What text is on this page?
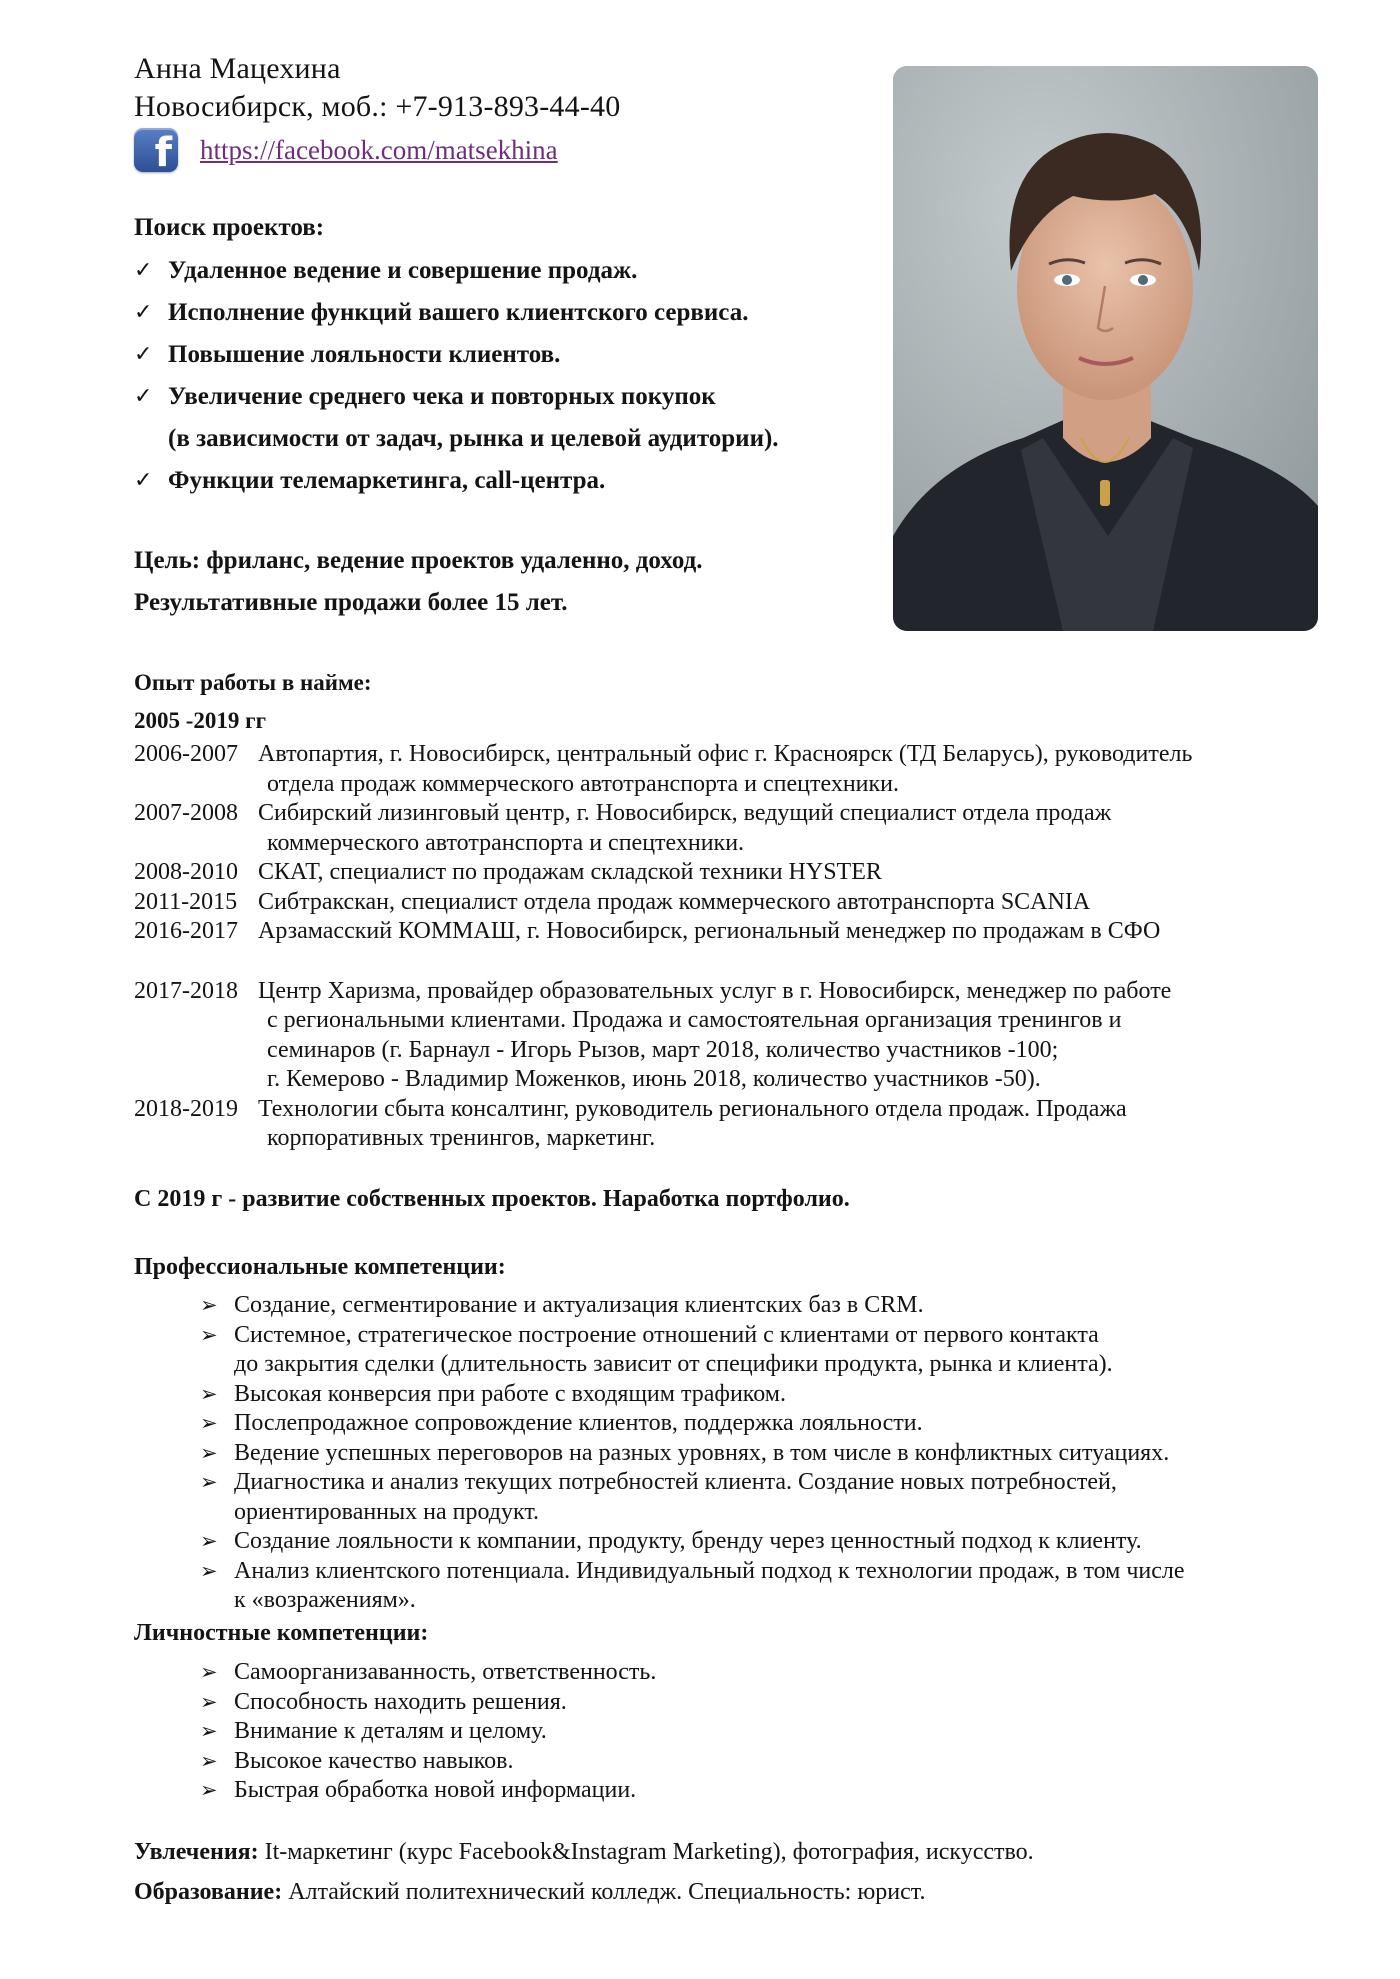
Анна Мацехина
Новосибирск, моб.: +7-913-893-44-40
f https://facebook.com/matsekhina
Поиск проектов:
✓ Удаленное ведение и совершение продаж.
✓ Исполнение функций вашего клиентского сервиса.
✓ Повышение лояльности клиентов.
✓ Увеличение среднего чека и повторных покупок
(в зависимости от задач, рынка и целевой аудитории).
✓ Функции телемаркетинга, call-центра.
Цель: фриланс, ведение проектов удаленно, доход.
Результативные продажи более 15 лет.
Опыт работы в найме:
2005 -2019 гг
2006-2007 Автопартия, г. Новосибирск, центральный офис г. Красноярск (ТД Беларусь), руководитель
отдела продаж коммерческого автотранспорта и спецтехники.
2007-2008 Сибирский лизинговый центр, г. Новосибирск, ведущий специалист отдела продаж
коммерческого автотранспорта и спецтехники.
2008-2010 СКАТ, специалист по продажам складской техники HYSTER
2011-2015 Сибтракскан, специалист отдела продаж коммерческого автотранспорта SCANIA
2016-2017 Арзамасский КОММАШ, г. Новосибирск, региональный менеджер по продажам в СФО
2017-2018 Центр Харизма, провайдер образовательных услуг в г. Новосибирск, менеджер по работе
с региональными клиентами. Продажа и самостоятельная организация тренингов и
семинаров (г. Барнаул - Игорь Рызов, март 2018, количество участников -100;
г. Кемерово - Владимир Моженков, июнь 2018, количество участников -50).
2018-2019 Технологии сбыта консалтинг, руководитель регионального отдела продаж. Продажа
корпоративных тренингов, маркетинг.
С 2019 г - развитие собственных проектов. Наработка портфолио.
Профессиональные компетенции:
➢ Создание, сегментирование и актуализация клиентских баз в CRM.
➢ Системное, стратегическое построение отношений с клиентами от первого контакта
до закрытия сделки (длительность зависит от специфики продукта, рынка и клиента).
➢ Высокая конверсия при работе с входящим трафиком.
➢ Послепродажное сопровождение клиентов, поддержка лояльности.
➢ Ведение успешных переговоров на разных уровнях, в том числе в конфликтных ситуациях.
➢ Диагностика и анализ текущих потребностей клиента. Создание новых потребностей,
ориентированных на продукт.
➢ Создание лояльности к компании, продукту, бренду через ценностный подход к клиенту.
➢ Анализ клиентского потенциала. Индивидуальный подход к технологии продаж, в том числе
к «возражениям».
Личностные компетенции:
➢ Самоорганизаванность, ответственность.
➢ Способность находить решения.
➢ Внимание к деталям и целому.
➢ Высокое качество навыков.
➢ Быстрая обработка новой информации.
Увлечения: It-маркетинг (курс Facebook&Instagram Marketing), фотография, искусство.
Образование: Алтайский политехнический колледж. Специальность: юрист.
